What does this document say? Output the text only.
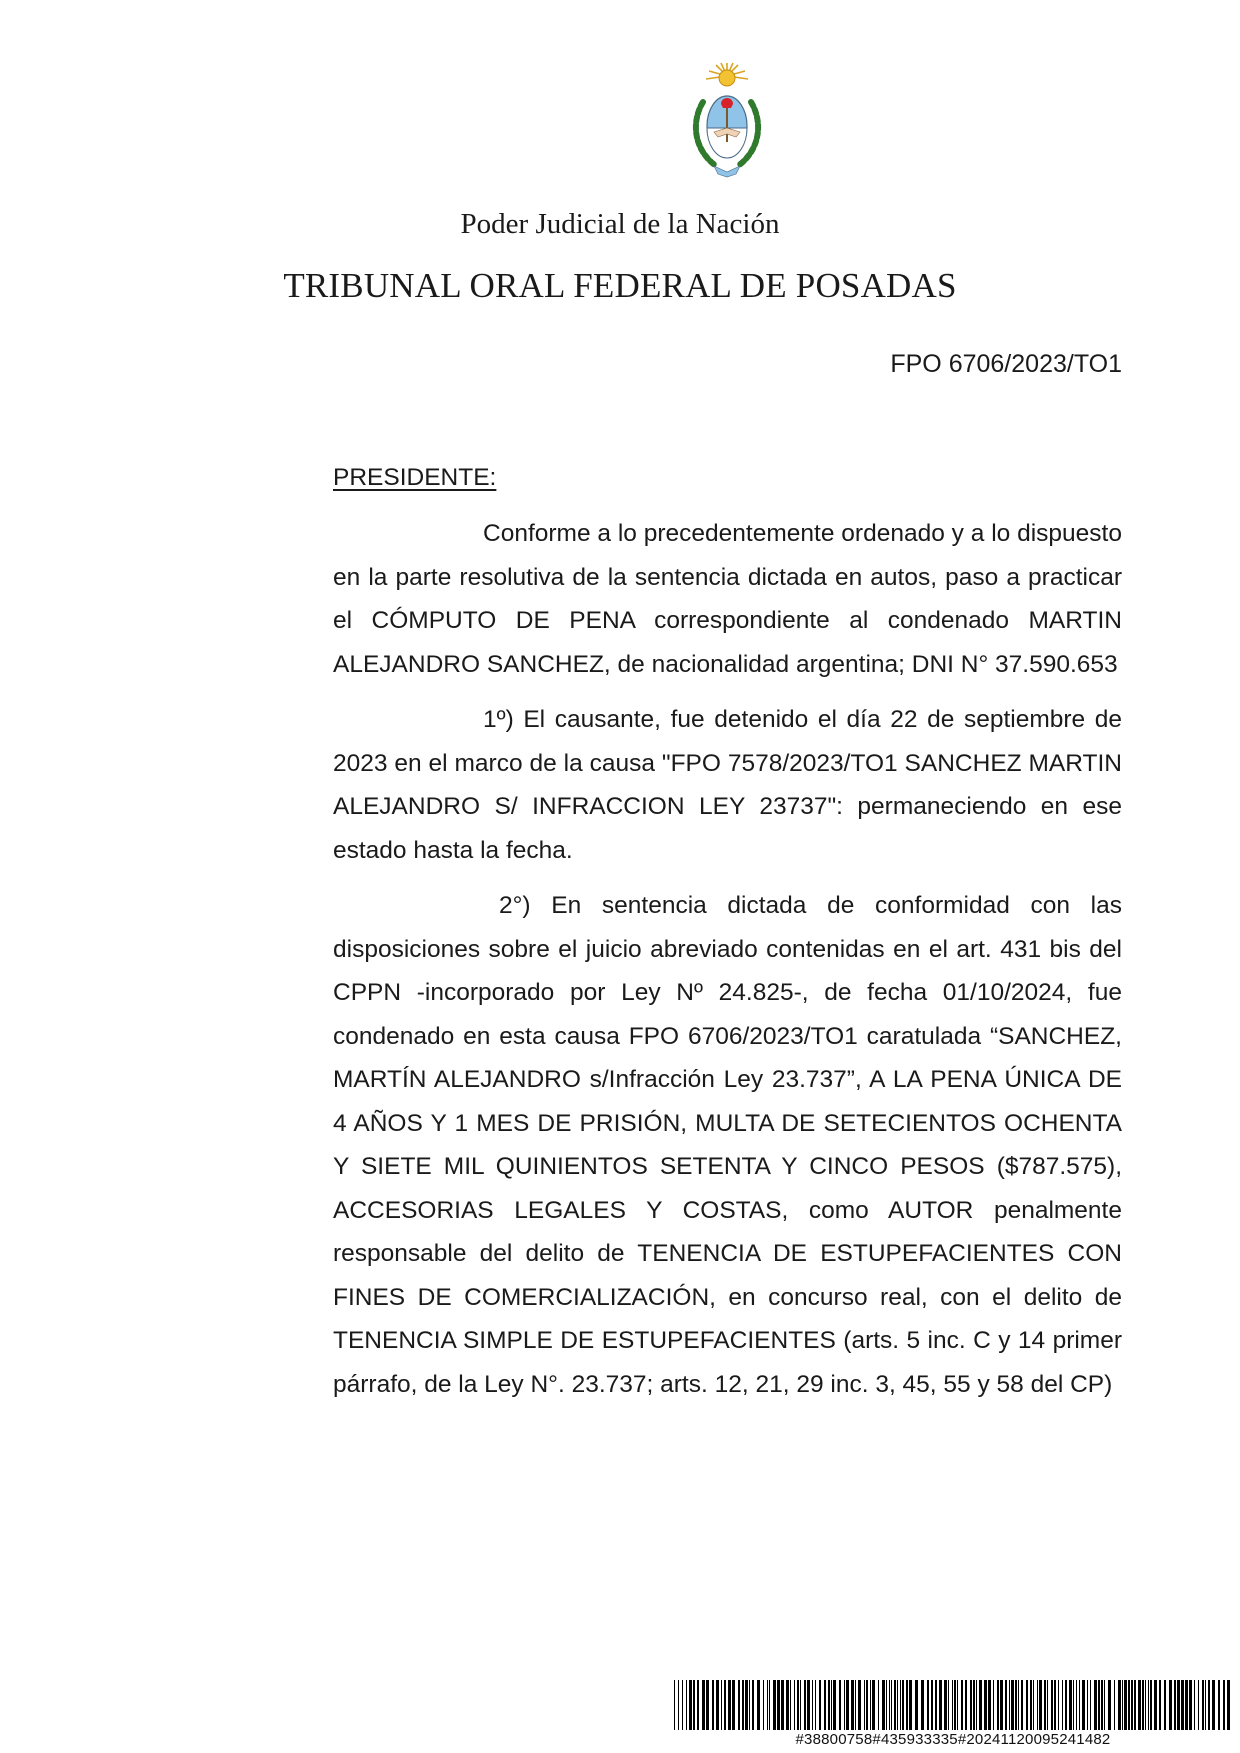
Poder Judicial de la Nación
TRIBUNAL ORAL FEDERAL DE POSADAS
FPO 6706/2023/TO1
PRESIDENTE:

Conforme a lo precedentemente ordenado y a lo dispuesto en la parte resolutiva de la sentencia dictada en autos, paso a practicar el CÓMPUTO DE PENA correspondiente al condenado MARTIN ALEJANDRO SANCHEZ, de nacionalidad argentina; DNI N° 37.590.653

1º) El causante, fue detenido el día 22 de septiembre de 2023 en el marco de la causa "FPO 7578/2023/TO1 SANCHEZ MARTIN ALEJANDRO S/ INFRACCION LEY 23737": permaneciendo en ese estado hasta la fecha.

2°) En sentencia dictada de conformidad con las disposiciones sobre el juicio abreviado contenidas en el art. 431 bis del CPPN -incorporado por Ley Nº 24.825-, de fecha 01/10/2024, fue condenado en esta causa FPO 6706/2023/TO1 caratulada “SANCHEZ, MARTÍN ALEJANDRO s/Infracción Ley 23.737”, A LA PENA ÚNICA DE 4 AÑOS Y 1 MES DE PRISIÓN, MULTA DE SETECIENTOS OCHENTA Y SIETE MIL QUINIENTOS SETENTA Y CINCO PESOS ($787.575), ACCESORIAS LEGALES Y COSTAS, como AUTOR penalmente responsable del delito de TENENCIA DE ESTUPEFACIENTES CON FINES DE COMERCIALIZACIÓN, en concurso real, con el delito de TENENCIA SIMPLE DE ESTUPEFACIENTES (arts. 5 inc. C y 14 primer párrafo, de la Ley N°. 23.737; arts. 12, 21, 29 inc. 3, 45, 55 y 58 del CP)

#38800758#435933335#20241120095241482
